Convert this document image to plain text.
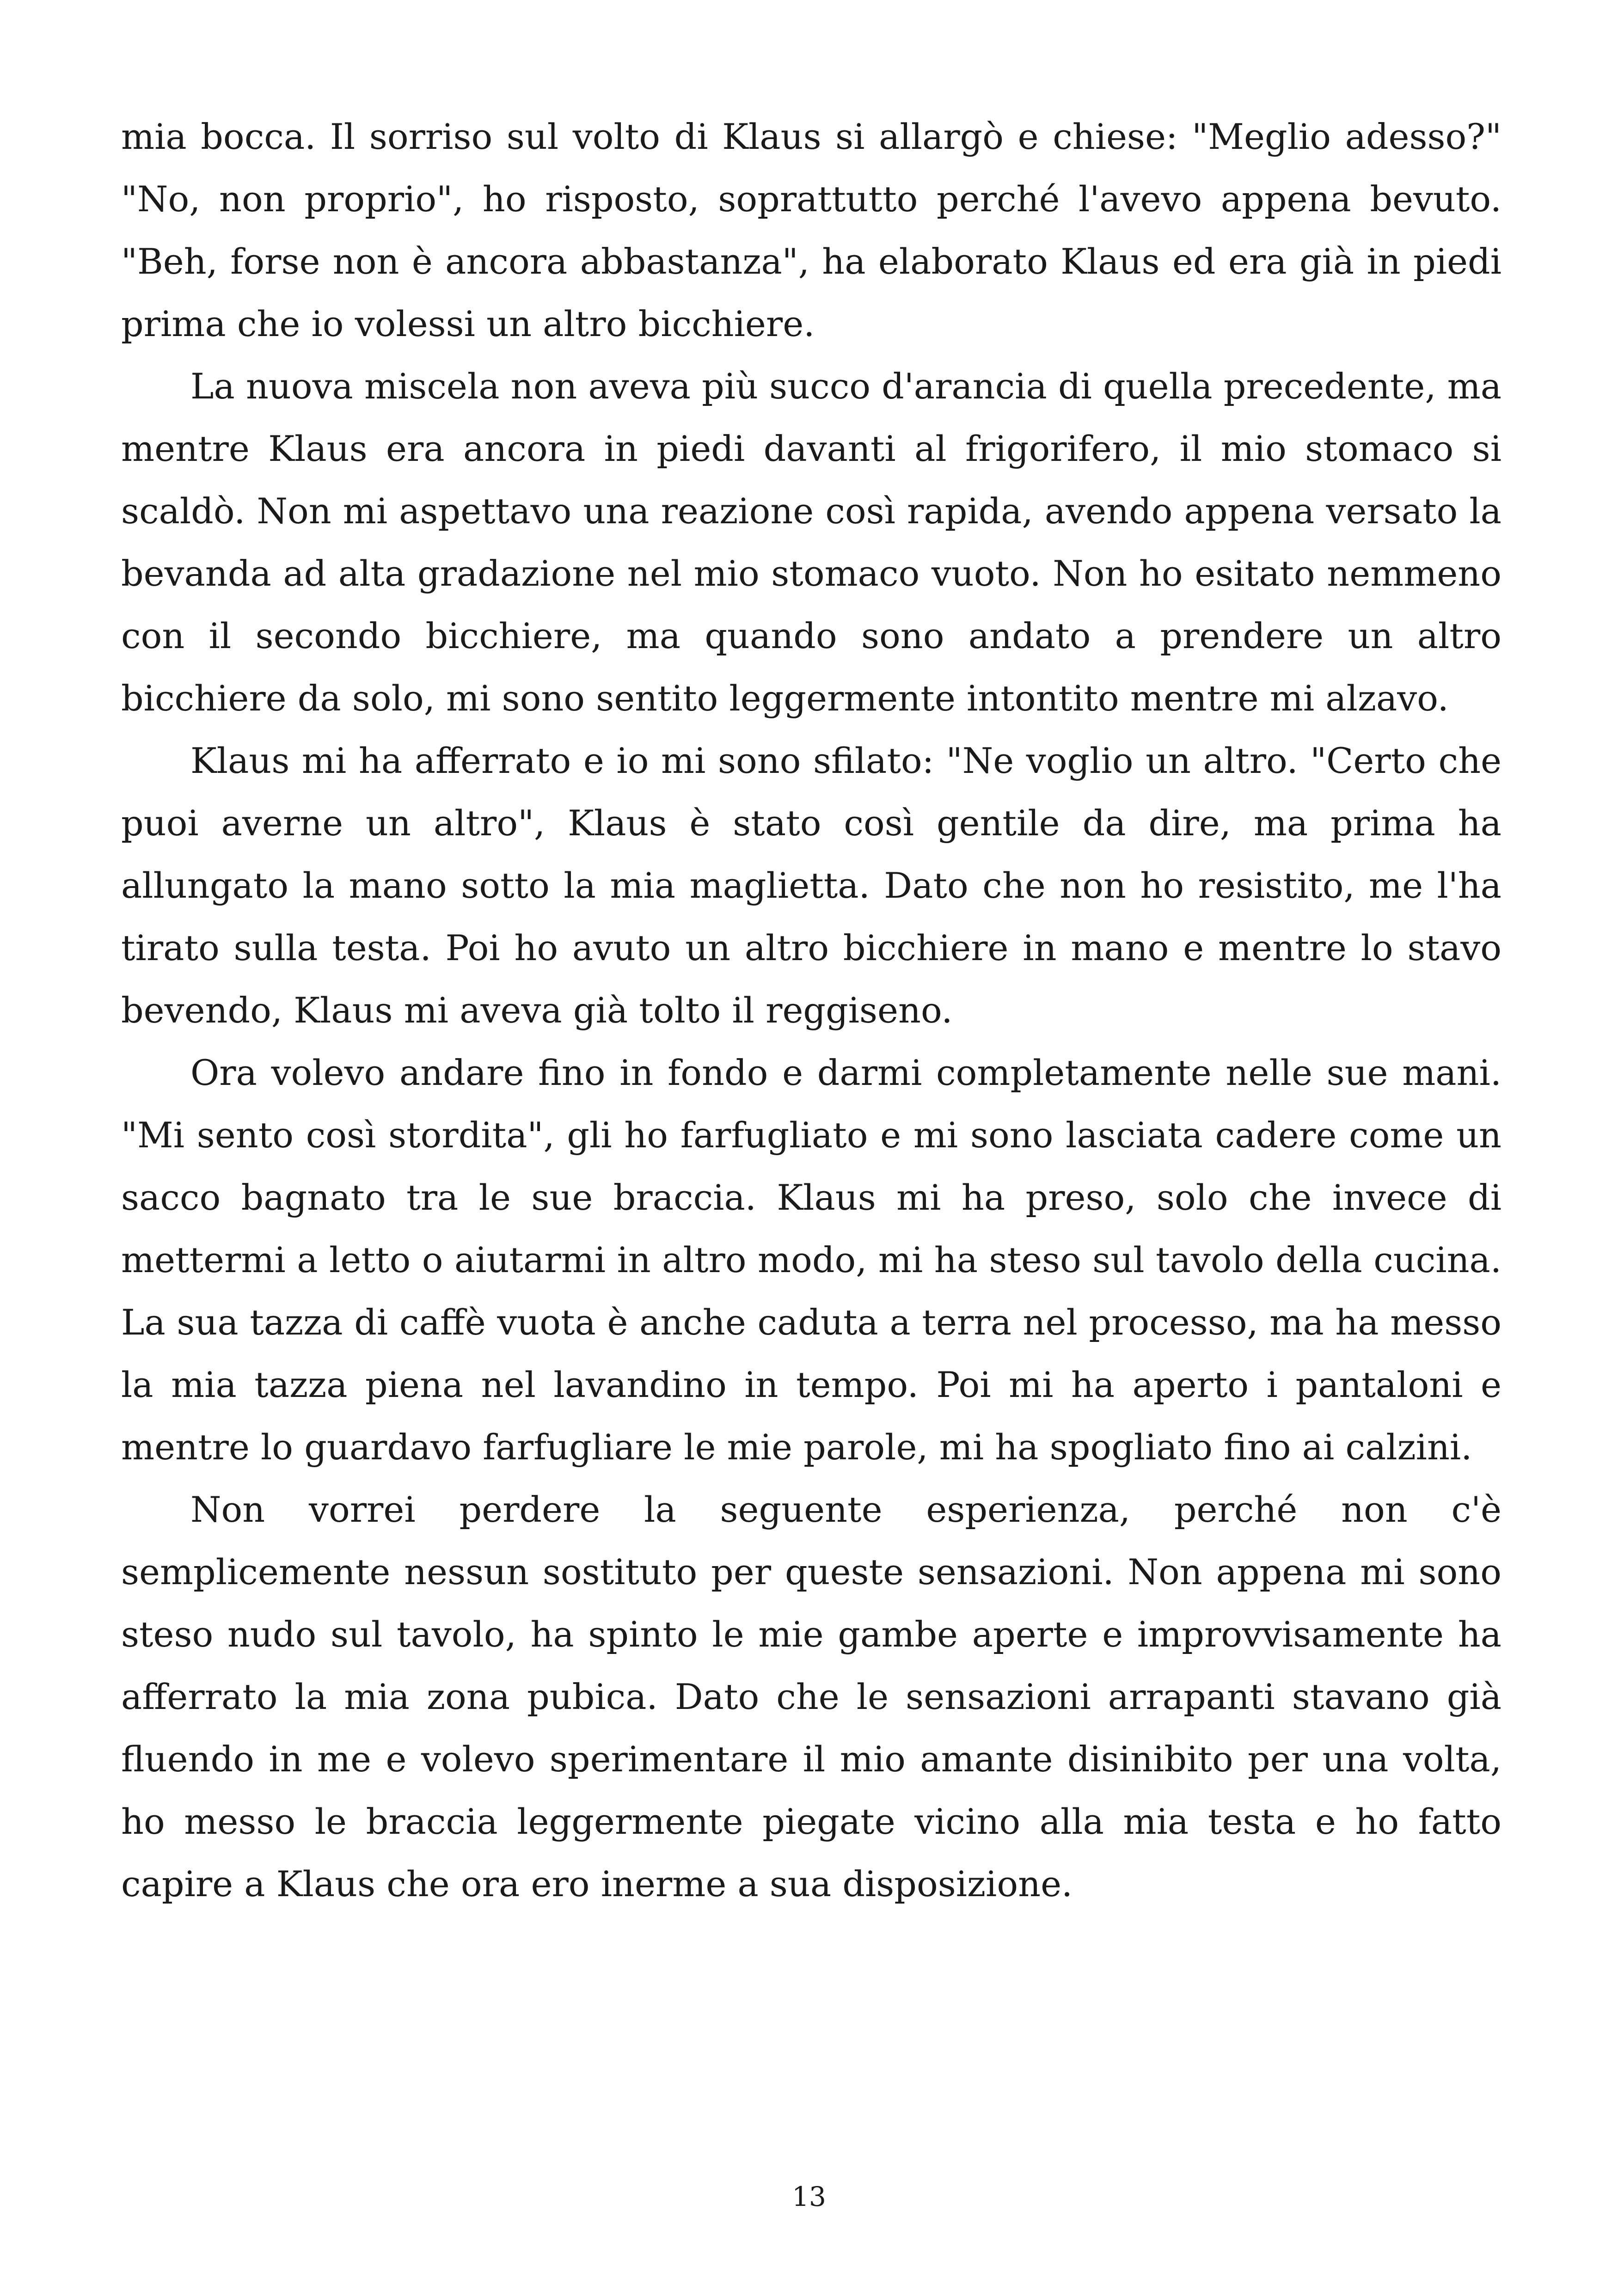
mia bocca. Il sorriso sul volto di Klaus si allargò e chiese: "Meglio adesso?" "No, non proprio", ho risposto, soprattutto perché l'avevo appena bevuto. "Beh, forse non è ancora abbastanza", ha elaborato Klaus ed era già in piedi prima che io volessi un altro bicchiere.

La nuova miscela non aveva più succo d'arancia di quella precedente, ma mentre Klaus era ancora in piedi davanti al frigorifero, il mio stomaco si scaldò. Non mi aspettavo una reazione così rapida, avendo appena versato la bevanda ad alta gradazione nel mio stomaco vuoto. Non ho esitato nemmeno con il secondo bicchiere, ma quando sono andato a prendere un altro bicchiere da solo, mi sono sentito leggermente intontito mentre mi alzavo.

Klaus mi ha afferrato e io mi sono sfilato: "Ne voglio un altro. "Certo che puoi averne un altro", Klaus è stato così gentile da dire, ma prima ha allungato la mano sotto la mia maglietta. Dato che non ho resistito, me l'ha tirato sulla testa. Poi ho avuto un altro bicchiere in mano e mentre lo stavo bevendo, Klaus mi aveva già tolto il reggiseno.

Ora volevo andare fino in fondo e darmi completamente nelle sue mani. "Mi sento così stordita", gli ho farfugliato e mi sono lasciata cadere come un sacco bagnato tra le sue braccia. Klaus mi ha preso, solo che invece di mettermi a letto o aiutarmi in altro modo, mi ha steso sul tavolo della cucina. La sua tazza di caffè vuota è anche caduta a terra nel processo, ma ha messo la mia tazza piena nel lavandino in tempo. Poi mi ha aperto i pantaloni e mentre lo guardavo farfugliare le mie parole, mi ha spogliato fino ai calzini.

Non vorrei perdere la seguente esperienza, perché non c'è semplicemente nessun sostituto per queste sensazioni. Non appena mi sono steso nudo sul tavolo, ha spinto le mie gambe aperte e improvvisamente ha afferrato la mia zona pubica. Dato che le sensazioni arrapanti stavano già fluendo in me e volevo sperimentare il mio amante disinibito per una volta, ho messo le braccia leggermente piegate vicino alla mia testa e ho fatto capire a Klaus che ora ero inerme a sua disposizione.

13
